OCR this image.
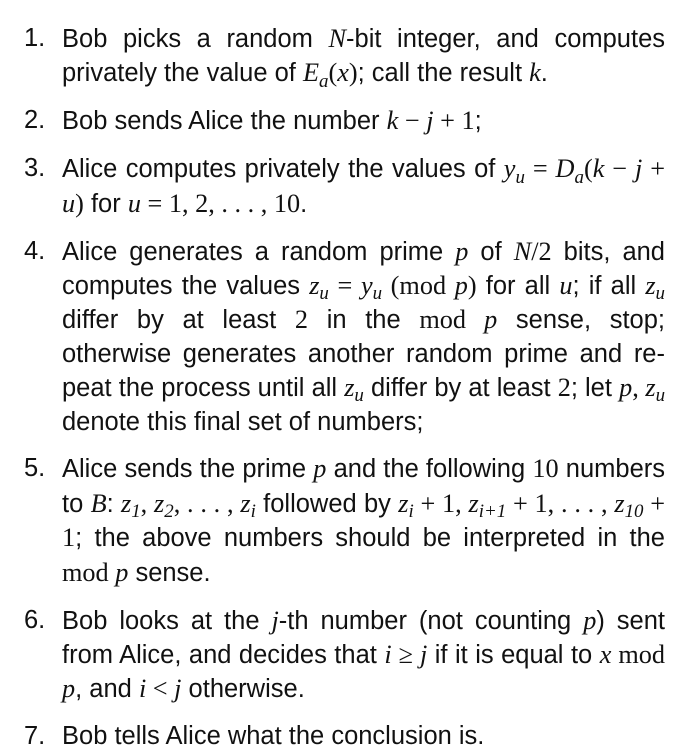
1. Bob picks a random N-bit integer, and computes privately the value of $E_a(x)$; call the result k.
2. Bob sends Alice the number k − j + 1;
3. Alice computes privately the values of $y_u = D_a(k - j + u)$ for u = 1, 2, . . . , 10.
4. Alice generates a random prime p of N/2 bits, and computes the values $z_u = y_u$ (mod p) for all u; if all $z_u$ differ by at least 2 in the mod p sense, stop; otherwise generates another random prime and repeat the process until all $z_u$ differ by at least 2; let p, $z_u$ denote this final set of numbers;
5. Alice sends the prime p and the following 10 numbers to B: $z_1$, $z_2$, . . . , $z_i$ followed by $z_i + 1$, $z_{i+1} + 1$, . . . , $z_{10} + 1$; the above numbers should be interpreted in the mod p sense.
6. Bob looks at the j-th number (not counting p) sent from Alice, and decides that i ≥ j if it is equal to x mod p, and i < j otherwise.
7. Bob tells Alice what the conclusion is.
